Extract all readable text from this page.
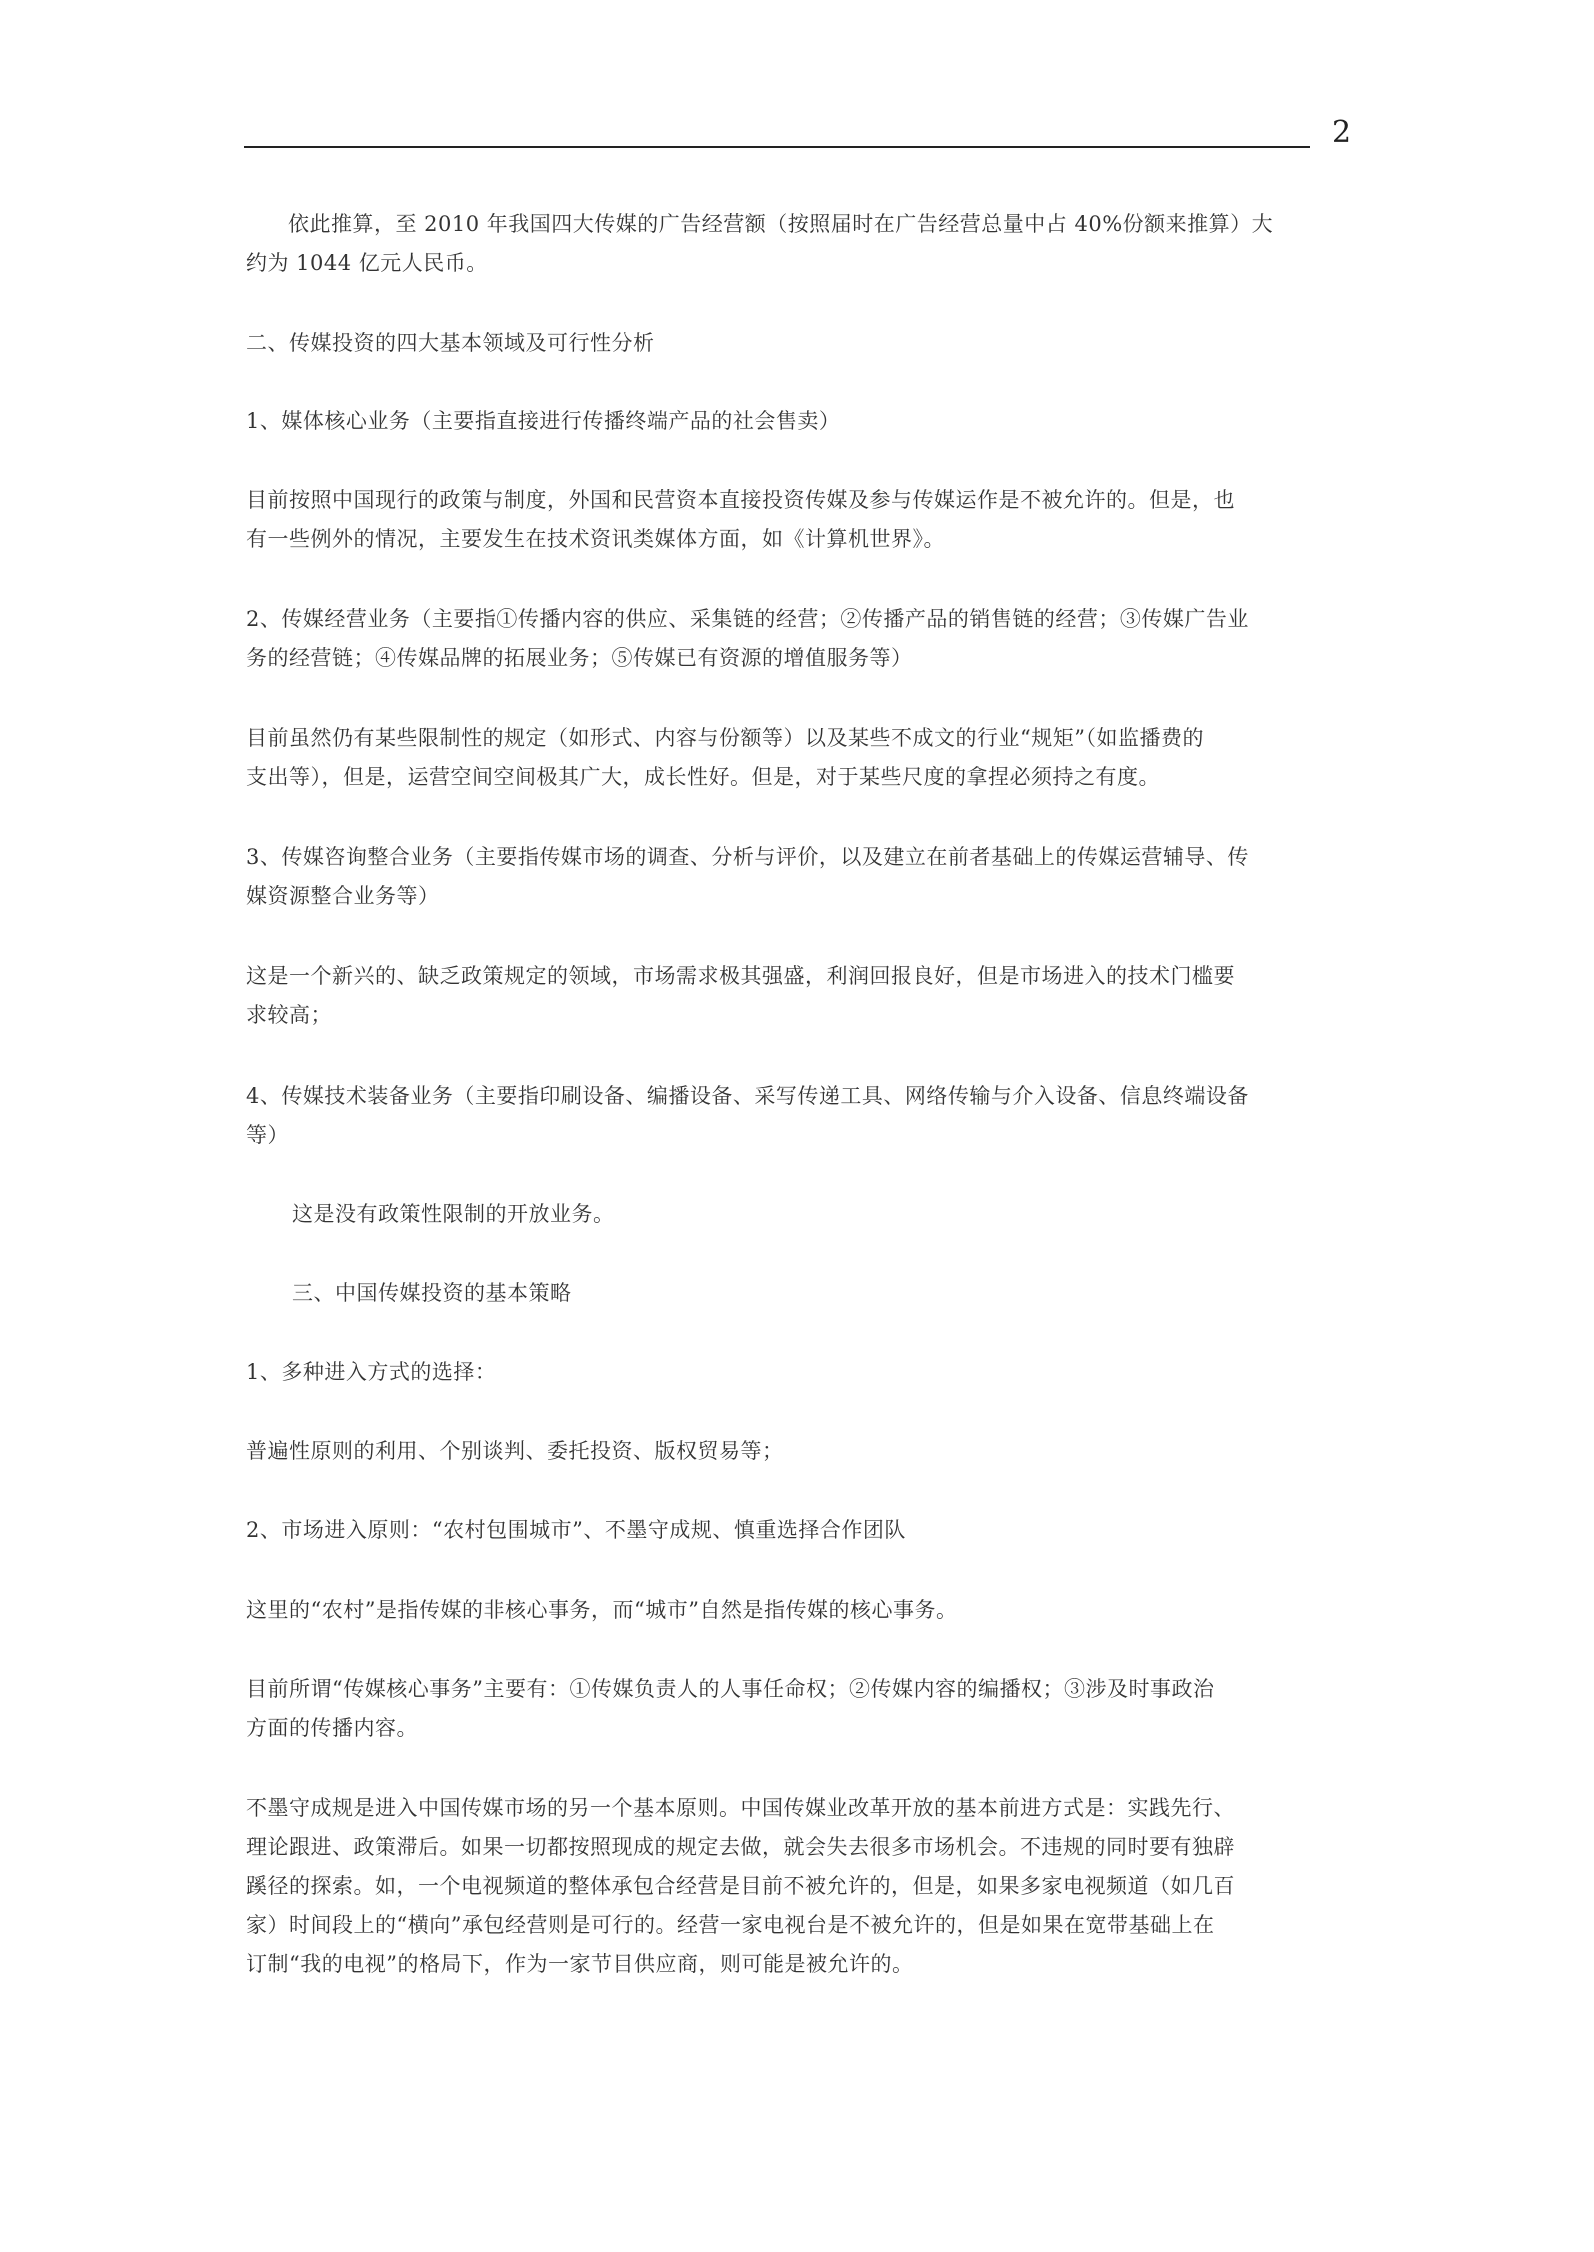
2
依此推算，至 2010 年我国四大传媒的广告经营额（按照届时在广告经营总量中占 40%份额来推算）大
约为 1044 亿元人民币。
二、传媒投资的四大基本领域及可行性分析
1、媒体核心业务（主要指直接进行传播终端产品的社会售卖）
目前按照中国现行的政策与制度，外国和民营资本直接投资传媒及参与传媒运作是不被允许的。但是，也
有一些例外的情况，主要发生在技术资讯类媒体方面，如《计算机世界》。
2、传媒经营业务（主要指①传播内容的供应、采集链的经营；②传播产品的销售链的经营；③传媒广告业
务的经营链；④传媒品牌的拓展业务；⑤传媒已有资源的增值服务等）
目前虽然仍有某些限制性的规定（如形式、内容与份额等）以及某些不成文的行业“规矩”（如监播费的
支出等），但是，运营空间空间极其广大，成长性好。但是，对于某些尺度的拿捏必须持之有度。
3、传媒咨询整合业务（主要指传媒市场的调查、分析与评价，以及建立在前者基础上的传媒运营辅导、传
媒资源整合业务等）
这是一个新兴的、缺乏政策规定的领域，市场需求极其强盛，利润回报良好，但是市场进入的技术门槛要
求较高；
4、传媒技术装备业务（主要指印刷设备、编播设备、采写传递工具、网络传输与介入设备、信息终端设备
等）
这是没有政策性限制的开放业务。
三、中国传媒投资的基本策略
1、多种进入方式的选择：
普遍性原则的利用、个别谈判、委托投资、版权贸易等；
2、市场进入原则：“农村包围城市”、不墨守成规、慎重选择合作团队
这里的“农村”是指传媒的非核心事务，而“城市”自然是指传媒的核心事务。
目前所谓“传媒核心事务”主要有：①传媒负责人的人事任命权；②传媒内容的编播权；③涉及时事政治
方面的传播内容。
不墨守成规是进入中国传媒市场的另一个基本原则。中国传媒业改革开放的基本前进方式是：实践先行、
理论跟进、政策滞后。如果一切都按照现成的规定去做，就会失去很多市场机会。不违规的同时要有独辟
蹊径的探索。如，一个电视频道的整体承包合经营是目前不被允许的，但是，如果多家电视频道（如几百
家）时间段上的“横向”承包经营则是可行的。经营一家电视台是不被允许的，但是如果在宽带基础上在
订制“我的电视”的格局下，作为一家节目供应商，则可能是被允许的。
